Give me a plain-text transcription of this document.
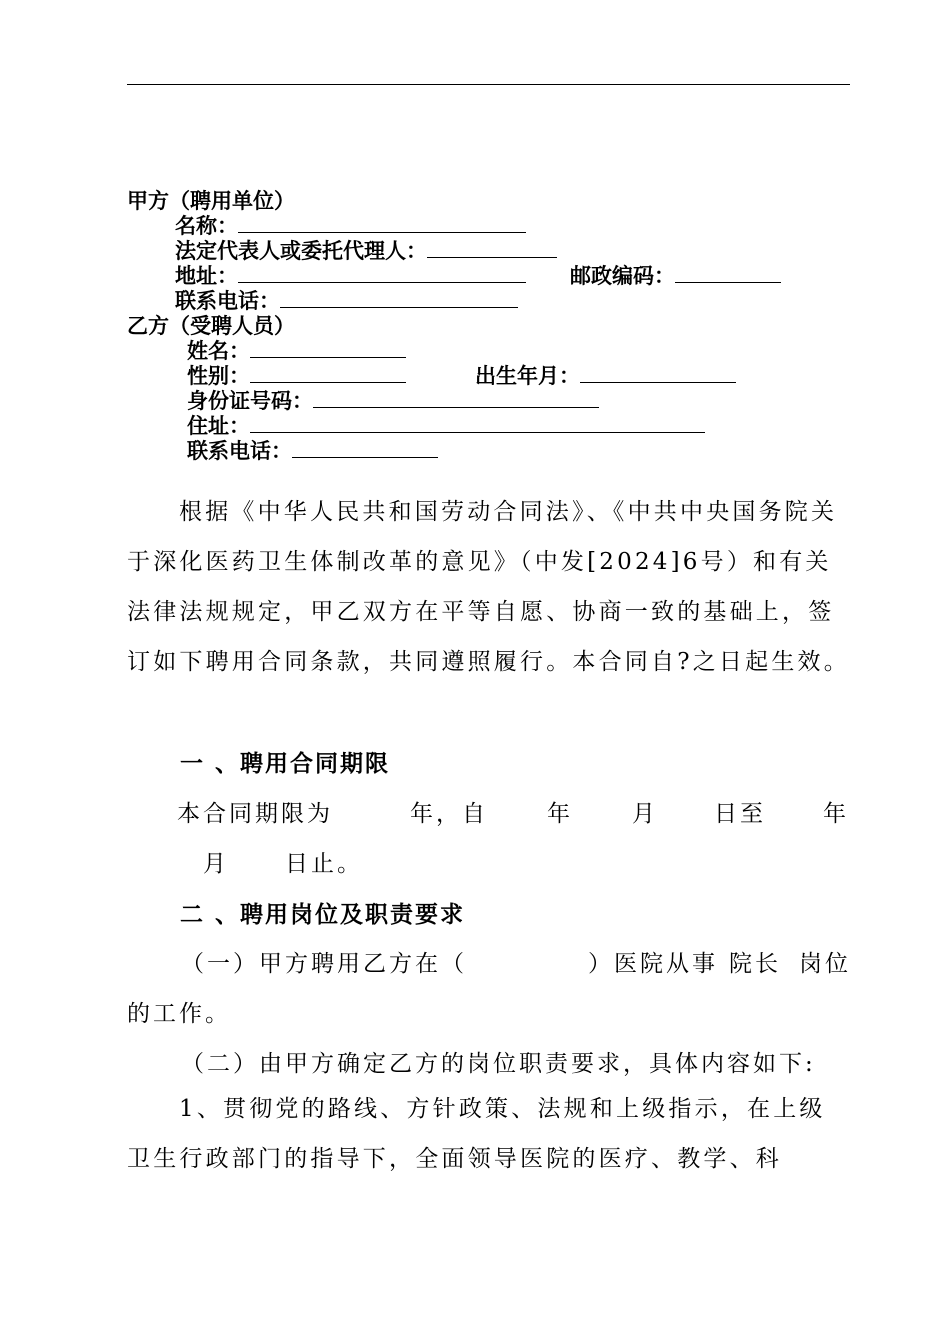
甲方（聘用单位）
名称：
法定代表人或委托代理人：
地址：	邮政编码：
联系电话：
乙方（受聘人员）
姓名：
性别：	出生年月：
身份证号码：
住址：
联系电话：
根据《中华人民共和国劳动合同法》、《中共中央国务院关于深化医药卫生体制改革的意见》（中发[2024]6号）和有关法律法规规定，甲乙双方在平等自愿、协商一致的基础上，签订如下聘用合同条款，共同遵照履行。本合同自?之日起生效。
一 、聘用合同期限
本合同期限为	年，自	年	月 日至 年
月 日止。
二 、聘用岗位及职责要求
（一）甲方聘用乙方在（	）医院从事 院长 岗位
的工作。
（二）由甲方确定乙方的岗位职责要求，具体内容如下:
1、贯彻党的路线、方针政策、法规和上级指示，在上级卫生行政部门的指导下，全面领导医院的医疗、教学、科
